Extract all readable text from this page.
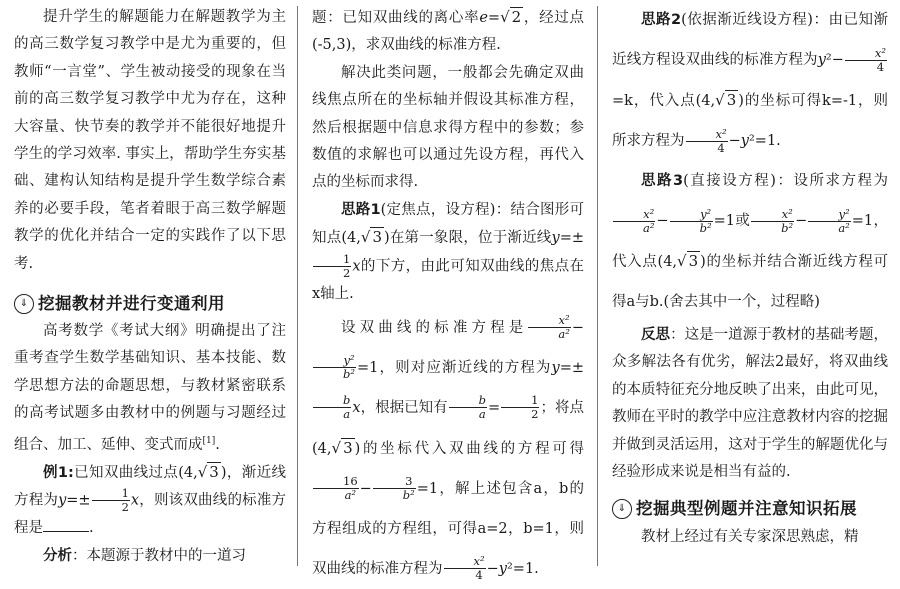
提升学生的解题能力在解题教学为主的高三数学复习教学中是尤为重要的，但教师“一言堂”、学生被动接受的现象在当前的高三数学复习教学中尤为存在，这种大容量、快节奏的教学并不能很好地提升学生的学习效率. 事实上，帮助学生夯实基础、建构认知结构是提升学生数学综合素养的必要手段，笔者着眼于高三数学解题教学的优化并结合一定的实践作了以下思考.

⇓ 挖掘教材并进行变通利用

高考数学《考试大纲》明确提出了注重考查学生数学基础知识、基本技能、数学思想方法的命题思想，与教材紧密联系的高考试题多由教材中的例题与习题经过组合、加工、延伸、变式而成[1].

例1:已知双曲线过点(4,√ 3 )，渐近线方程为$y=\pm \frac{1}{2}$ x，则该双曲线的标准方程是	.

分析：本题源于教材中的一道习

题：已知双曲线的离心率e=√ 2 ，经过点(-5,3)，求双曲线的标准方程.

解决此类问题，一般都会先确定双曲线焦点所在的坐标轴并假设其标准方程，然后根据题中信息求得方程中的参数；参数值的求解也可以通过先设方程，再代入点的坐标而求得.

思路1(定焦点，设方程)：结合图形可知点(4,√ 3 )在第一象限，位于渐近线y=±
$\frac{1}{2}$ x的下方，由此可知双曲线的焦点在x轴上.

设双曲线的标准方程是 $\frac{\text{x²}}{\text{a²}}$ −
$\frac{\text{y²}}{\text{b²}} =1$，则对应渐近线的方程为y=±
$\frac{b}{a}$ x，根据已知有 $\frac{b}{a} = \frac{1}{2}$ ；将点(4,√ 3 )的坐标代入双曲线的方程可得
$\frac{16}{\text{a²}} - \frac{3}{\text{b²}} =1$，解上述包含a，b的方程组成的方程组，可得a=2，b=1，则双曲线的标准方程为 $\frac{\text{x²}}{4} -y^2=1$.

思路2(依据渐近线设方程)：由已知渐近线方程设双曲线的标准方程为$y^2- \frac{\text{x²}}{4}$
=k，代入点(4,√ 3 )的坐标可得k=-1，则所求方程为 $\frac{\text{x²}}{4} -y^2=1$.

思路3(直接设方程)：设所求方程为
$\frac{\text{x²}}{\text{a²}} - \frac{\text{y²}}{\text{b²}} =1$或 $\frac{\text{x²}}{\text{b²}} - \frac{\text{y²}}{\text{a²}} =1$，代入点(4,√ 3 )的坐标并结合渐近线方程可得a与b.(舍去其中一个，过程略)

反思：这是一道源于教材的基础考题，众多解法各有优劣，解法2最好，将双曲线的本质特征充分地反映了出来，由此可见，教师在平时的教学中应注意教材内容的挖掘并做到灵活运用，这对于学生的解题优化与经验形成来说是相当有益的.

⇓ 挖掘典型例题并注意知识拓展

教材上经过有关专家深思熟虑，精
